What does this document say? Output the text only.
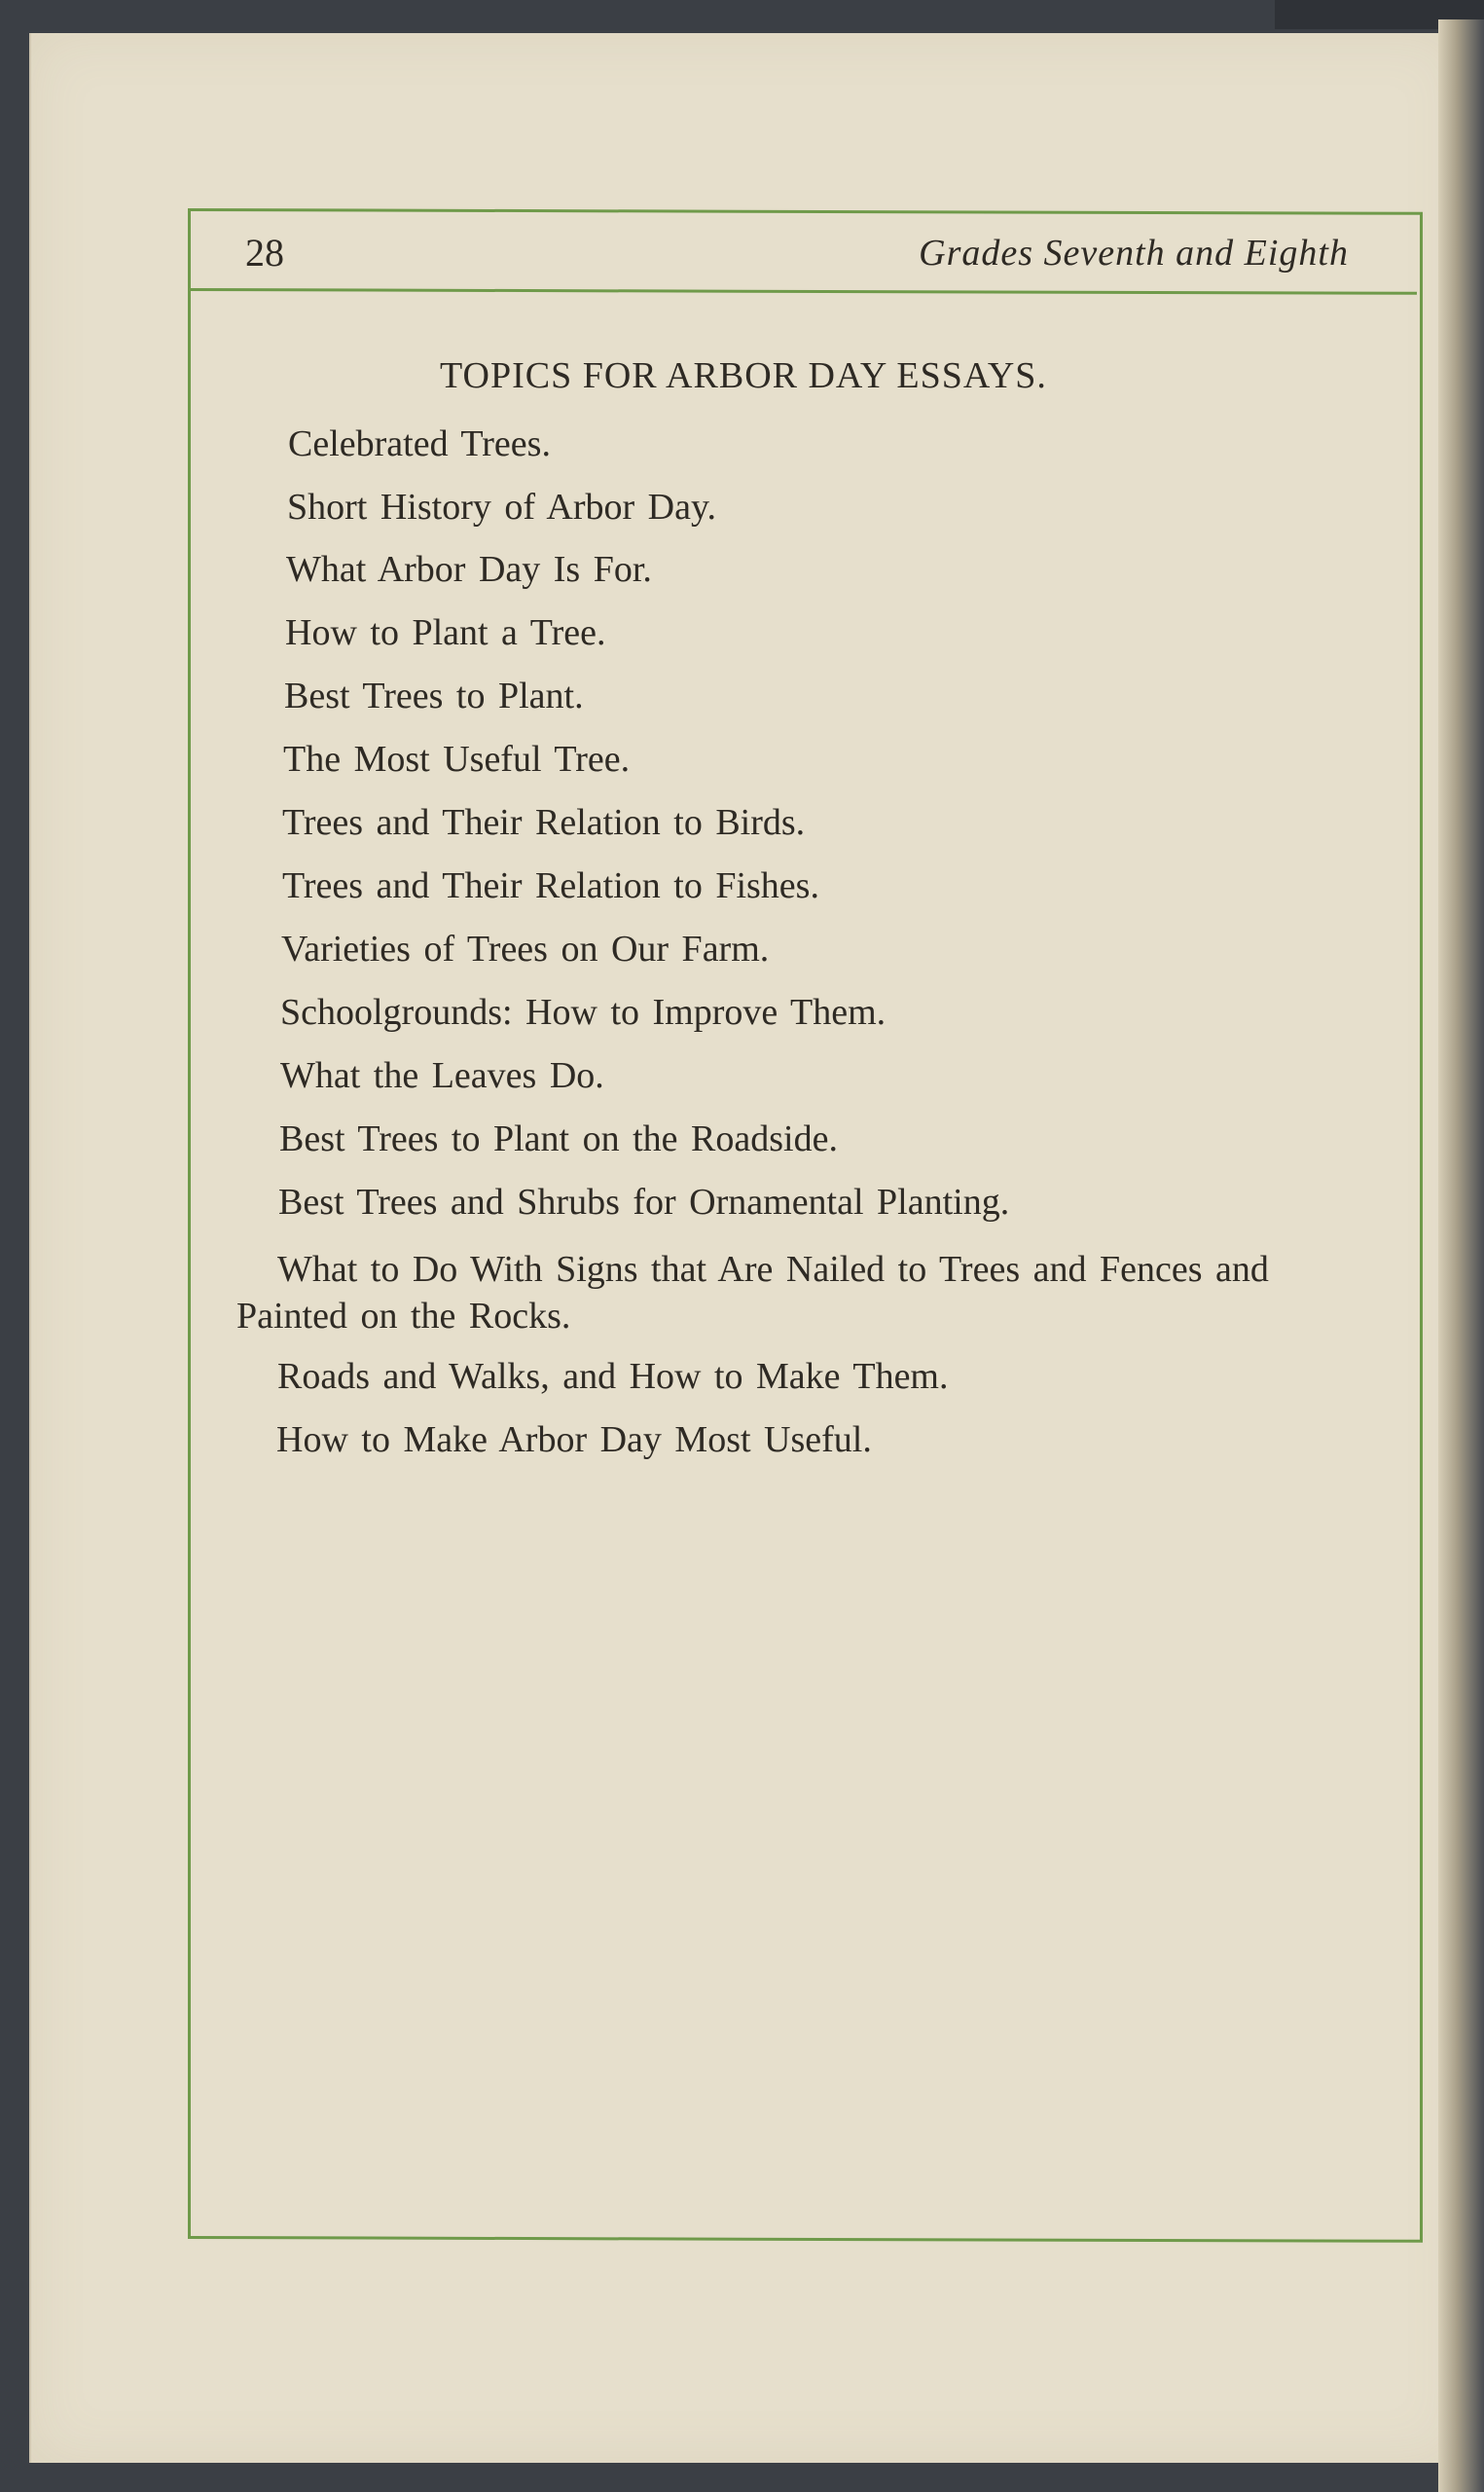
28	Grades Seventh and Eighth
TOPICS FOR ARBOR DAY ESSAYS.
Celebrated Trees.
Short History of Arbor Day.
What Arbor Day Is For.
How to Plant a Tree.
Best Trees to Plant.
The Most Useful Tree.
Trees and Their Relation to Birds.
Trees and Their Relation to Fishes.
Varieties of Trees on Our Farm.
Schoolgrounds: How to Improve Them.
What the Leaves Do.
Best Trees to Plant on the Roadside.
Best Trees and Shrubs for Ornamental Planting.
What to Do With Signs that Are Nailed to Trees and Fences and Painted on the Rocks.
Roads and Walks, and How to Make Them.
How to Make Arbor Day Most Useful.
